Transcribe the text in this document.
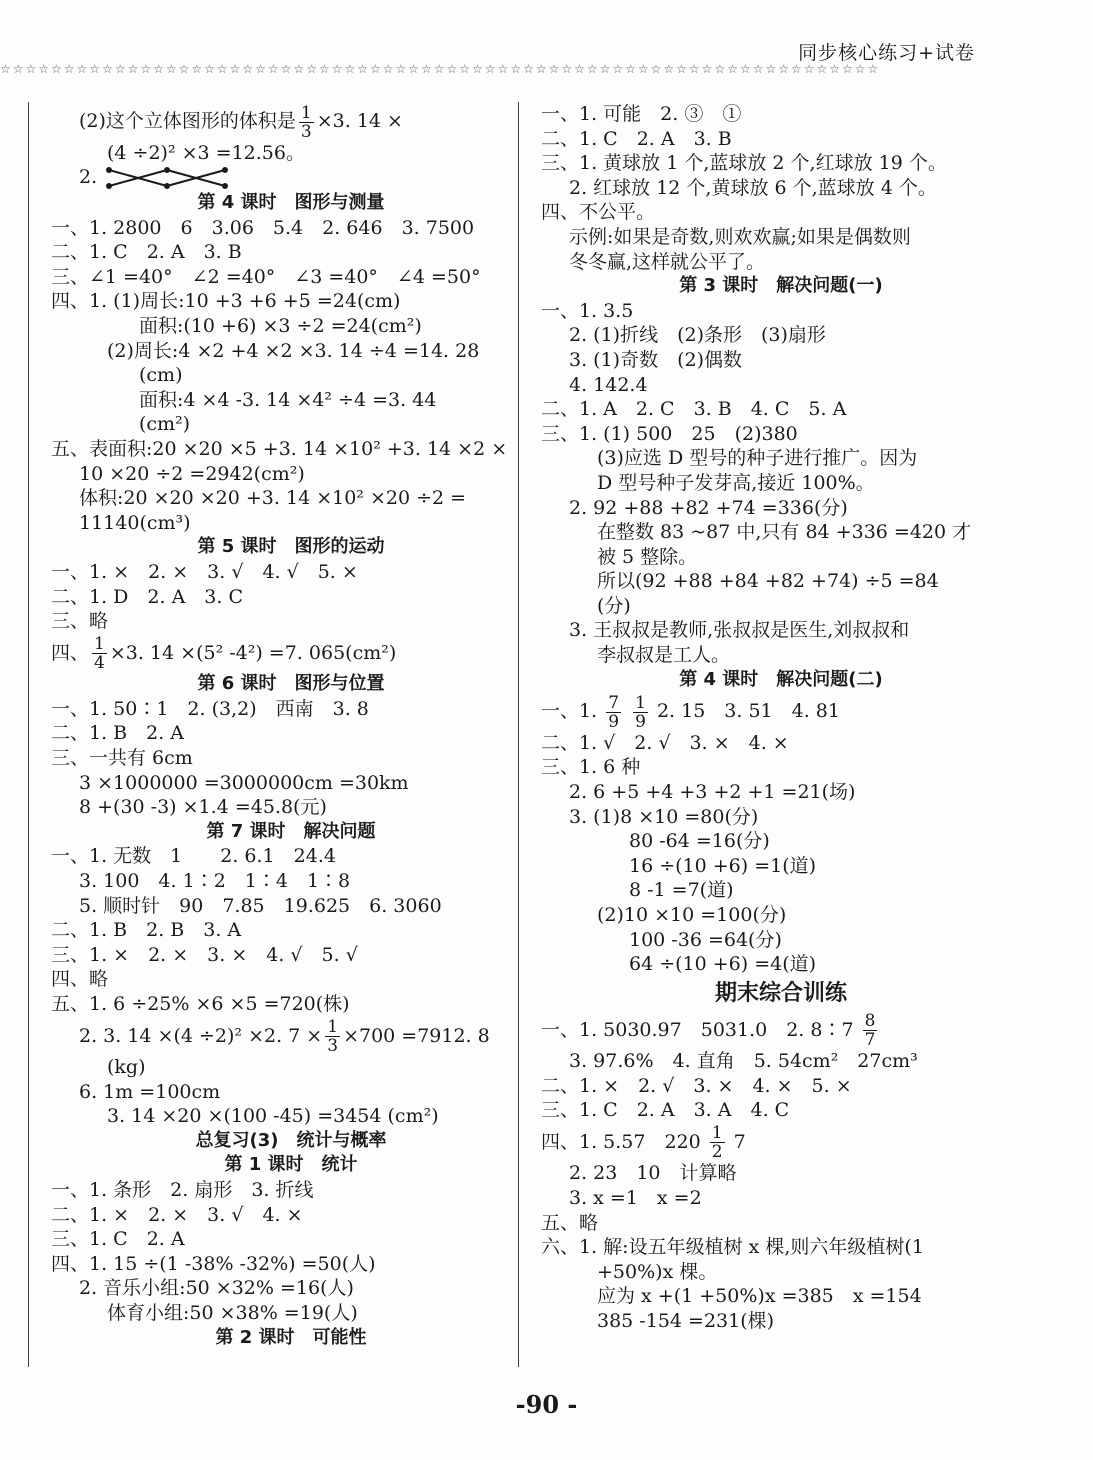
同步核心练习+试卷
☆☆☆☆☆☆☆☆☆☆☆☆☆☆☆☆☆☆☆☆☆☆☆☆☆☆☆☆☆☆☆☆☆☆☆☆☆☆☆☆☆☆☆☆☆☆☆☆☆☆☆☆☆☆☆☆☆☆☆☆☆☆☆☆☆☆☆☆☆
(2)这个立体图形的体积是 $\frac{1}{3} \times 3$. 14 ×
(4 ÷2)² ×3 =12.56。
2.
第 4 课时　图形与测量
一、1. 2800　6　3.06　5.4　2. 646　3. 7500
二、1. C　2. A　3. B
三、∠1 =40°　∠2 =40°　∠3 =40°　∠4 =50°
四、1. (1)周长:10 +3 +6 +5 =24(cm)
面积:(10 +6) ×3 ÷2 =24(cm²)
(2)周长:4 ×2 +4 ×2 ×3. 14 ÷4 =14. 28
(cm)
面积:4 ×4 -3. 14 ×4² ÷4 =3. 44
(cm²)
五、表面积:20 ×20 ×5 +3. 14 ×10² +3. 14 ×2 ×
10 ×20 ÷2 =2942(cm²)
体积:20 ×20 ×20 +3. 14 ×10² ×20 ÷2 =
11140(cm³)
第 5 课时　图形的运动
一、1. ×　2. ×　3. √　4. √　5. ×
二、1. D　2. A　3. C
三、略
四、 $\frac{1}{4} \times 3$. 14 ×(5² -4²) =7. 065(cm²)
第 6 课时　图形与位置
一、1. 50∶1　2. (3,2)　西南　3. 8
二、1. B　2. A
三、一共有 6cm
3 ×1000000 =3000000cm =30km
8 +(30 -3) ×1.4 =45.8(元)
第 7 课时　解决问题
一、1. 无数　1　　2. 6.1　24.4
3. 100　4. 1∶2　1∶4　1∶8
5. 顺时针　90　7.85　19.625　6. 3060
二、1. B　2. B　3. A
三、1. ×　2. ×　3. ×　4. √　5. √
四、略
五、1. 6 ÷25% ×6 ×5 =720(株)
2. 3. 14 ×(4 ÷2)² ×2. $7 \times \frac{1}{3} \times 700 =7912$. 8
(kg)
6. 1m =100cm
3. 14 ×20 ×(100 -45) =3454 (cm²)
总复习(3)　统计与概率
第 1 课时　统计
一、1. 条形　2. 扇形　3. 折线
二、1. ×　2. ×　3. √　4. ×
三、1. C　2. A
四、1. 15 ÷(1 -38% -32%) =50(人)
2. 音乐小组:50 ×32% =16(人)
体育小组:50 ×38% =19(人)
第 2 课时　可能性
一、1. 可能　2. ③　①
二、1. C　2. A　3. B
三、1. 黄球放 1 个,蓝球放 2 个,红球放 19 个。
2. 红球放 12 个,黄球放 6 个,蓝球放 4 个。
四、不公平。
示例:如果是奇数,则欢欢赢;如果是偶数则
冬冬赢,这样就公平了。
第 3 课时　解决问题(一)
一、1. 3.5
2. (1)折线　(2)条形　(3)扇形
3. (1)奇数　(2)偶数
4. 142.4
二、1. A　2. C　3. B　4. C　5. A
三、1. (1) 500　25　(2)380
(3)应选 D 型号的种子进行推广。因为
D 型号种子发芽高,接近 100%。
2. 92 +88 +82 +74 =336(分)
在整数 83 ~87 中,只有 84 +336 =420 才
被 5 整除。
所以(92 +88 +84 +82 +74) ÷5 =84
(分)
3. 王叔叔是教师,张叔叔是医生,刘叔叔和
李叔叔是工人。
第 4 课时　解决问题(二)
一、1. $\frac{7}{9}$
$\frac{1}{9} 2$. 15　3. 51　4. 81
二、1. √　2. √　3. ×　4. ×
三、1. 6 种
2. 6 +5 +4 +3 +2 +1 =21(场)
3. (1)8 ×10 =80(分)
80 -64 =16(分)
16 ÷(10 +6) =1(道)
8 -1 =7(道)
(2)10 ×10 =100(分)
100 -36 =64(分)
64 ÷(10 +6) =4(道)
期末综合训练
一、1. 5030.97　5031.0　2. 8∶7 $\frac{8}{7}$
3. 97.6%　4. 直角　5. 54cm²　27cm³
二、1. ×　2. √　3. ×　4. ×　5. ×
三、1. C　2. A　3. A　4. C
四、1. 5.57　$220 \frac{1}{2} 7$
2. 23　10　计算略
3. x =1　x =2
五、略
六、1. 解:设五年级植树 x 棵,则六年级植树(1
+50%)x 棵。
应为 x +(1 +50%)x =385　x =154
385 -154 =231(棵)
-90 -
